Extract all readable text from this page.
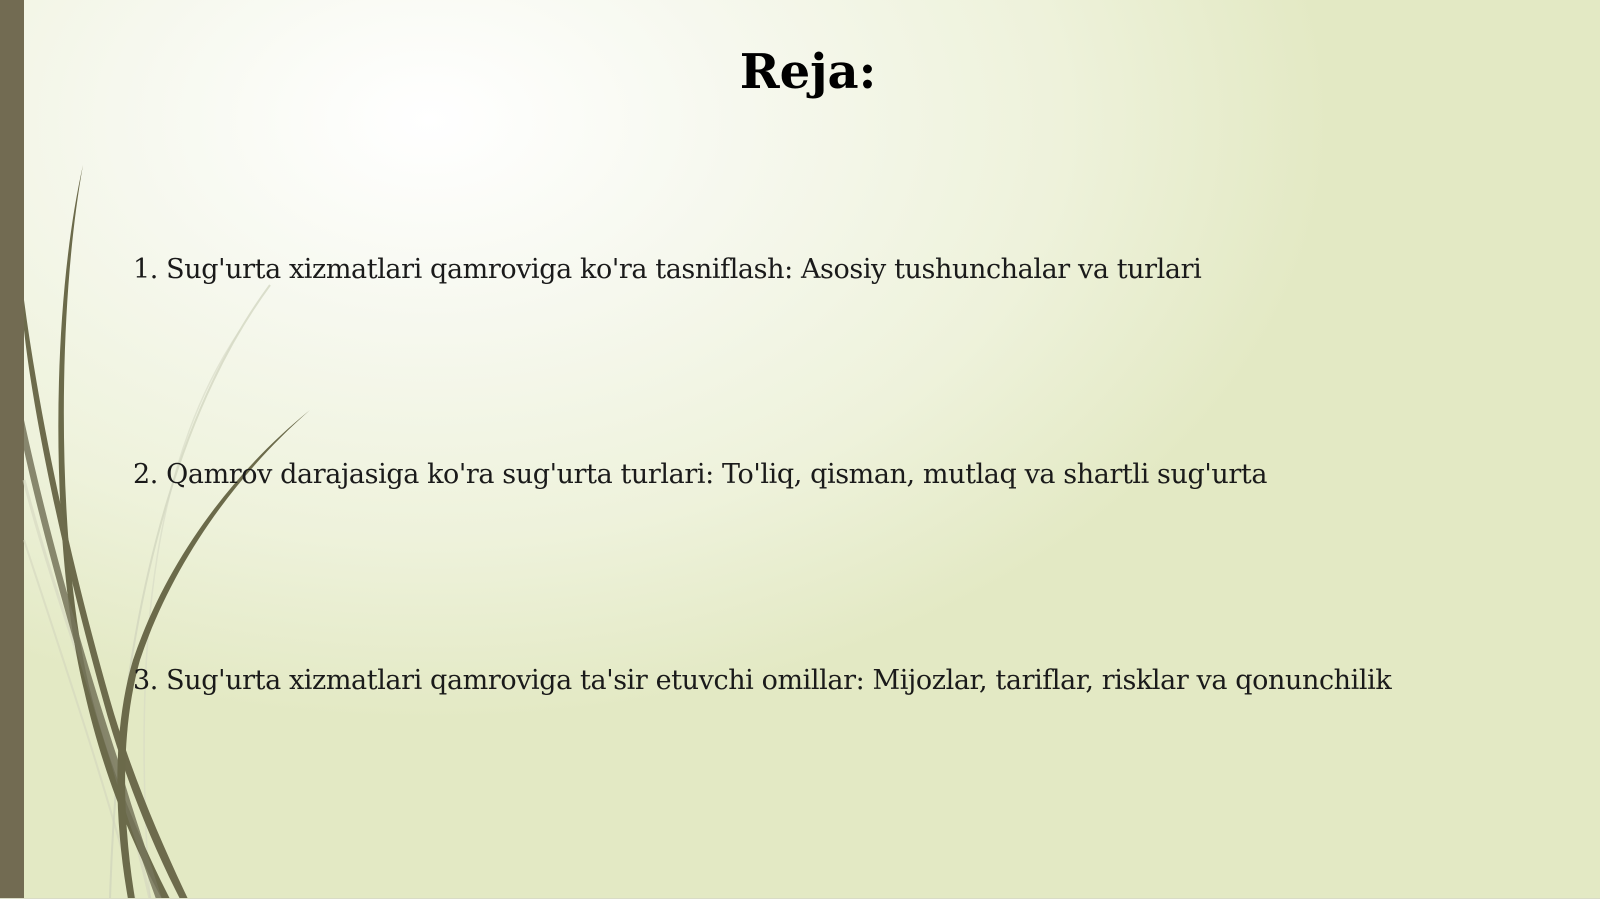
Reja:
1. Sug'urta xizmatlari qamroviga ko'ra tasniflash: Asosiy tushunchalar va turlari
2. Qamrov darajasiga ko'ra sug'urta turlari: To'liq, qisman, mutlaq va shartli sug'urta
3. Sug'urta xizmatlari qamroviga ta'sir etuvchi omillar: Mijozlar, tariflar, risklar va qonunchilik
